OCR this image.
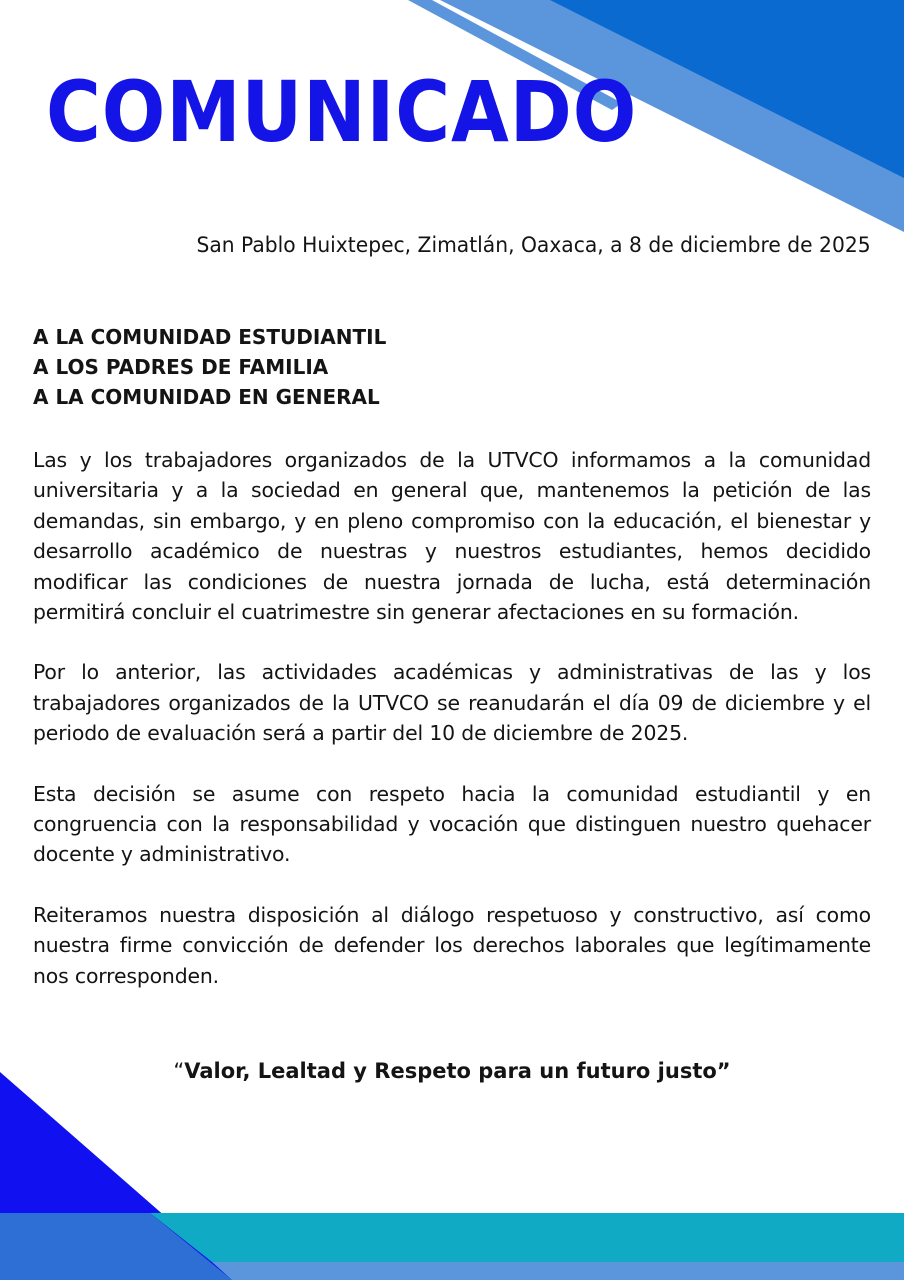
COMUNICADO
San Pablo Huixtepec, Zimatlán, Oaxaca, a 8 de diciembre de 2025
A LA COMUNIDAD ESTUDIANTIL
A LOS PADRES DE FAMILIA
A LA COMUNIDAD EN GENERAL

Las y los trabajadores organizados de la UTVCO informamos a la comunidad universitaria y a la sociedad en general que, mantenemos la petición de las demandas, sin embargo, y en pleno compromiso con la educación, el bienestar y desarrollo académico de nuestras y nuestros estudiantes, hemos decidido modificar las condiciones de nuestra jornada de lucha, está determinación permitirá concluir el cuatrimestre sin generar afectaciones en su formación.

Por lo anterior, las actividades académicas y administrativas de las y los trabajadores organizados de la UTVCO se reanudarán el día 09 de diciembre y el periodo de evaluación será a partir del 10 de diciembre de 2025.

Esta decisión se asume con respeto hacia la comunidad estudiantil y en congruencia con la responsabilidad y vocación que distinguen nuestro quehacer docente y administrativo.

Reiteramos nuestra disposición al diálogo respetuoso y constructivo, así como nuestra firme convicción de defender los derechos laborales que legítimamente nos corresponden.

“Valor, Lealtad y Respeto para un futuro justo”
